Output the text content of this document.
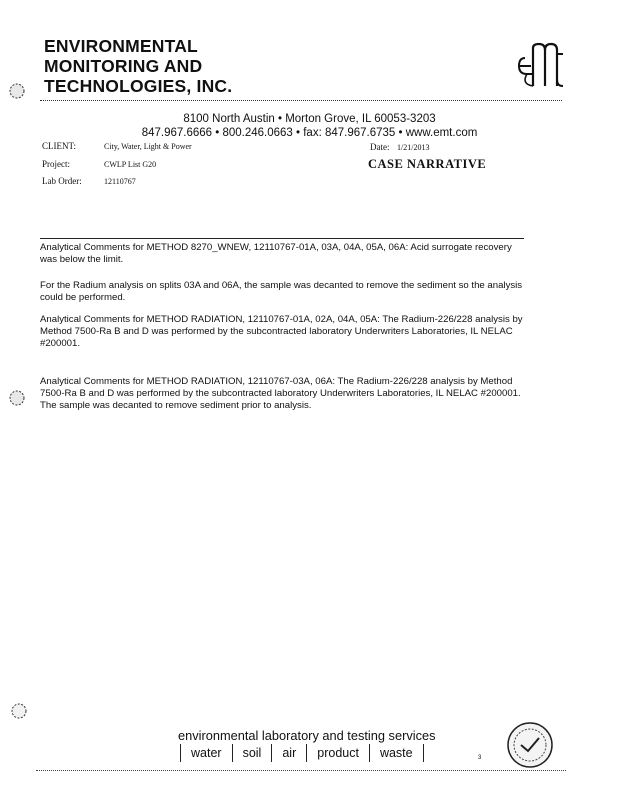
ENVIRONMENTAL
MONITORING AND
TECHNOLOGIES, INC.
8100 North Austin • Morton Grove, IL 60053-3203
847.967.6666 • 800.246.0663 • fax: 847.967.6735 • www.emt.com
CLIENT:	City, Water, Light & Power	Date: 1/21/2013
Project:	CWLP List G20	CASE NARRATIVE
Lab Order:	12110767
Analytical Comments for METHOD 8270_WNEW, 12110767-01A, 03A, 04A, 05A, 06A: Acid surrogate recovery was below the limit.
For the Radium analysis on splits 03A and 06A, the sample was decanted to remove the sediment so the analysis could be performed.
Analytical Comments for METHOD RADIATION, 12110767-01A, 02A, 04A, 05A: The Radium-226/228 analysis by Method 7500-Ra B and D was performed by the subcontracted laboratory Underwriters Laboratories, IL NELAC #200001.
Analytical Comments for METHOD RADIATION, 12110767-03A, 06A: The Radium-226/228 analysis by Method 7500-Ra B and D was performed by the subcontracted laboratory Underwriters Laboratories, IL NELAC #200001. The sample was decanted to remove sediment prior to analysis.
environmental laboratory and testing services
water	soil	air	product	waste	3
